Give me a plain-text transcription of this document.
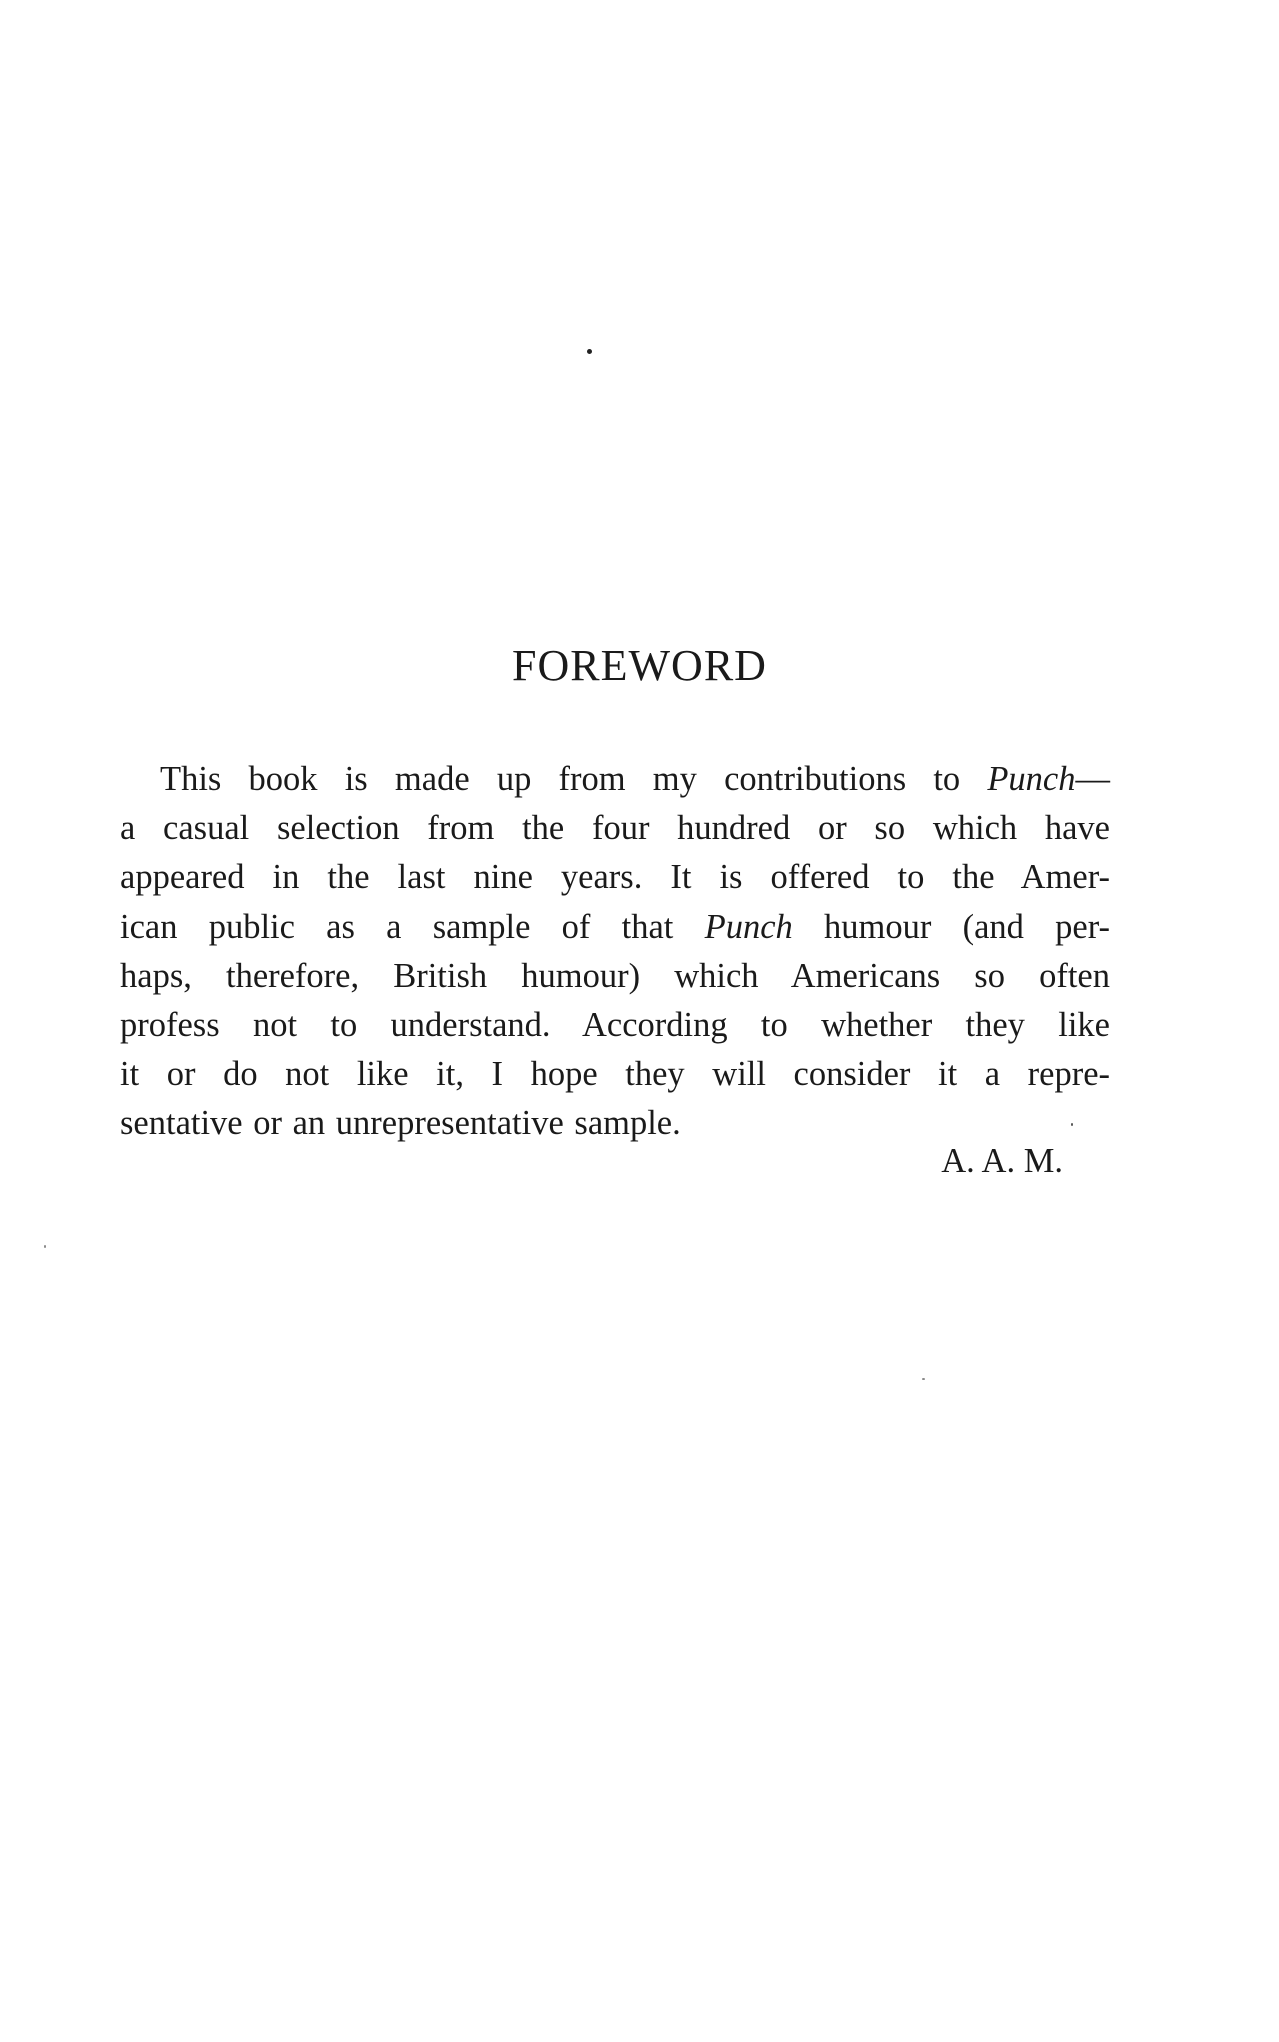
FOREWORD
This book is made up from my contributions to Punch—
a casual selection from the four hundred or so which have
appeared in the last nine years. It is offered to the Amer-
ican public as a sample of that Punch humour (and per-
haps, therefore, British humour) which Americans so often
profess not to understand. According to whether they like
it or do not like it, I hope they will consider it a repre-
sentative or an unrepresentative sample.
A. A. M.
